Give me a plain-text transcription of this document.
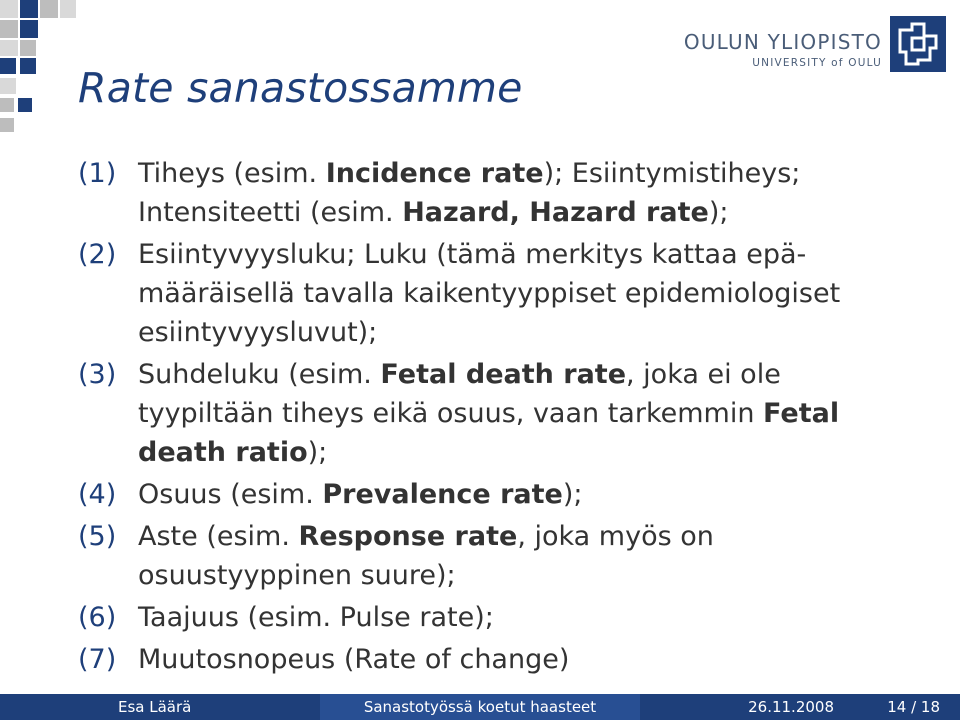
Rate sanastossamme
OULUN YLIOPISTO
UNIVERSITY of OULU
(1) Tiheys (esim. Incidence rate); Esiintymistiheys;
Intensiteetti (esim. Hazard, Hazard rate);
(2) Esiintyvyysluku; Luku (tämä merkitys kattaa epä-
määräisellä tavalla kaikentyyppiset epidemiologiset
esiintyvyysluvut);
(3) Suhdeluku (esim. Fetal death rate, joka ei ole
tyypiltään tiheys eikä osuus, vaan tarkemmin Fetal
death ratio);
(4) Osuus (esim. Prevalence rate);
(5) Aste (esim. Response rate, joka myös on
osuustyyppinen suure);
(6) Taajuus (esim. Pulse rate);
(7) Muutosnopeus (Rate of change)
Esa Läärä	Sanastotyössä koetut haasteet	26.11.2008	14 / 18
